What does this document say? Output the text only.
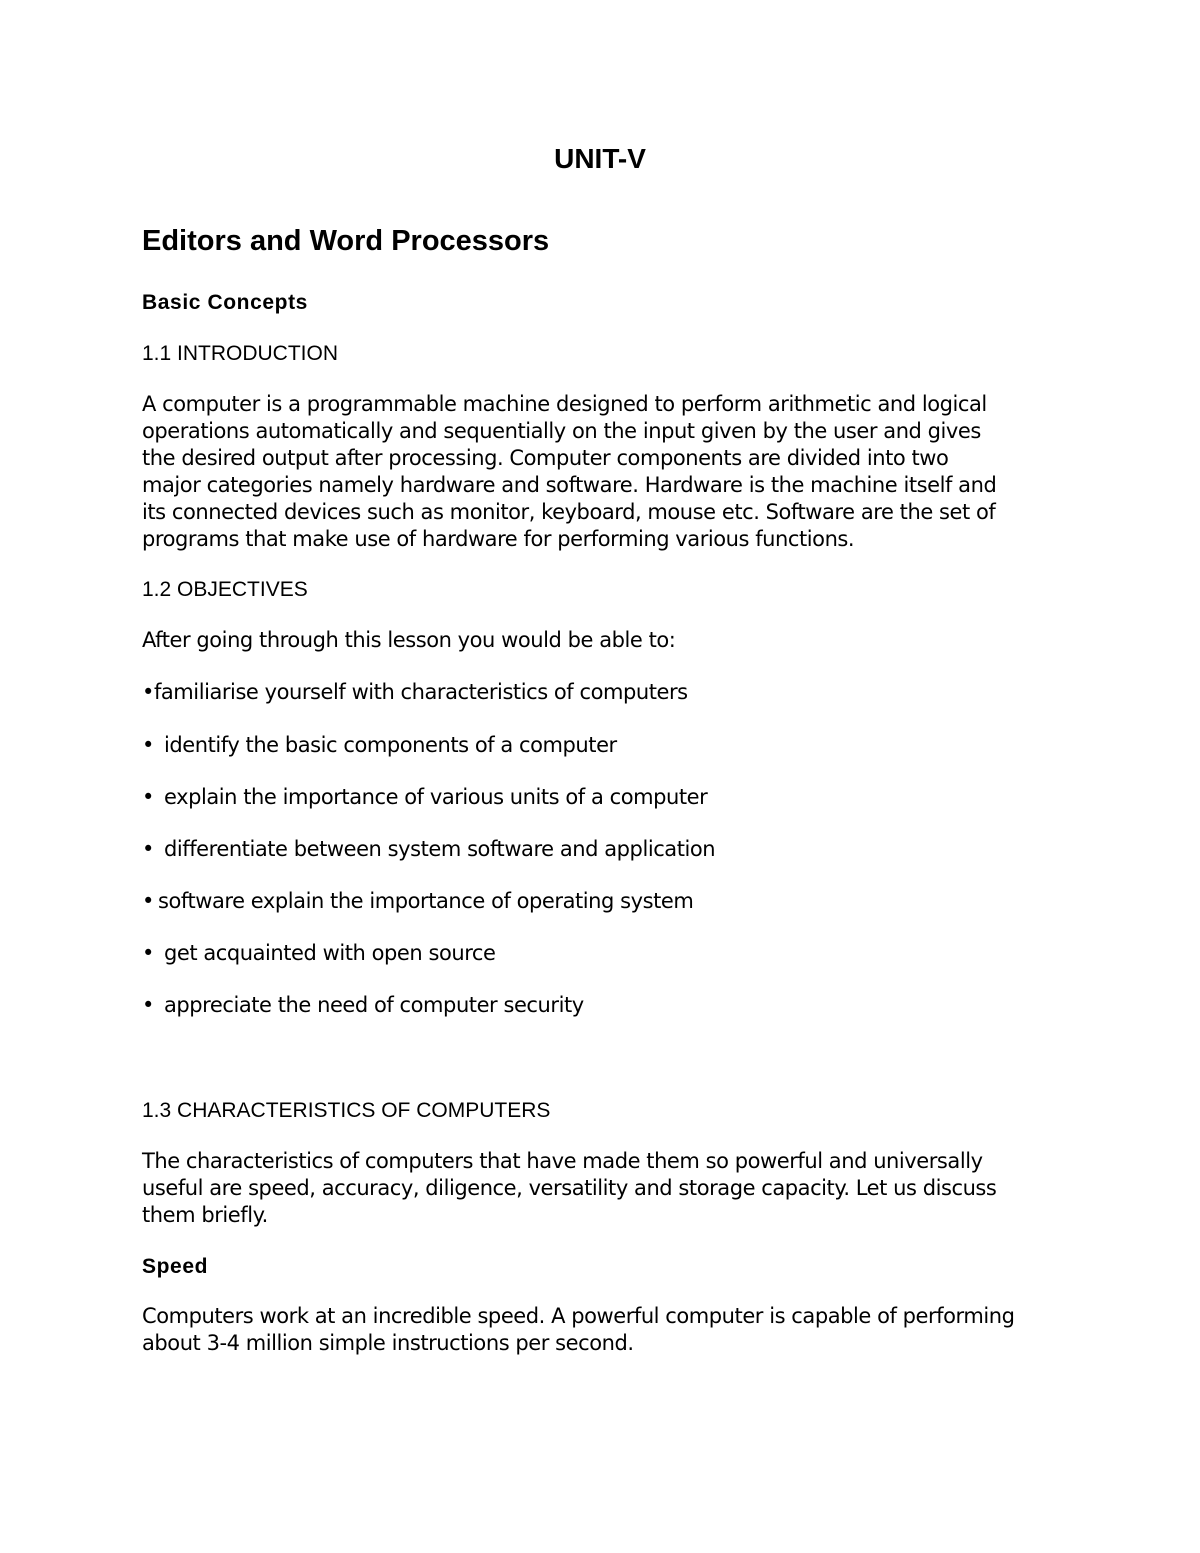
UNIT-V
Editors and Word Processors
Basic Concepts
1.1 INTRODUCTION
A computer is a programmable machine designed to perform arithmetic and logical
operations automatically and sequentially on the input given by the user and gives
the desired output after processing. Computer components are divided into two
major categories namely hardware and software. Hardware is the machine itself and
its connected devices such as monitor, keyboard, mouse etc. Software are the set of
programs that make use of hardware for performing various functions.
1.2 OBJECTIVES
After going through this lesson you would be able to:
•familiarise yourself with characteristics of computers
• identify the basic components of a computer
• explain the importance of various units of a computer
• differentiate between system software and application
• software explain the importance of operating system
• get acquainted with open source
• appreciate the need of computer security
1.3 CHARACTERISTICS OF COMPUTERS
The characteristics of computers that have made them so powerful and universally
useful are speed, accuracy, diligence, versatility and storage capacity. Let us discuss
them briefly.
Speed
Computers work at an incredible speed. A powerful computer is capable of performing
about 3-4 million simple instructions per second.
